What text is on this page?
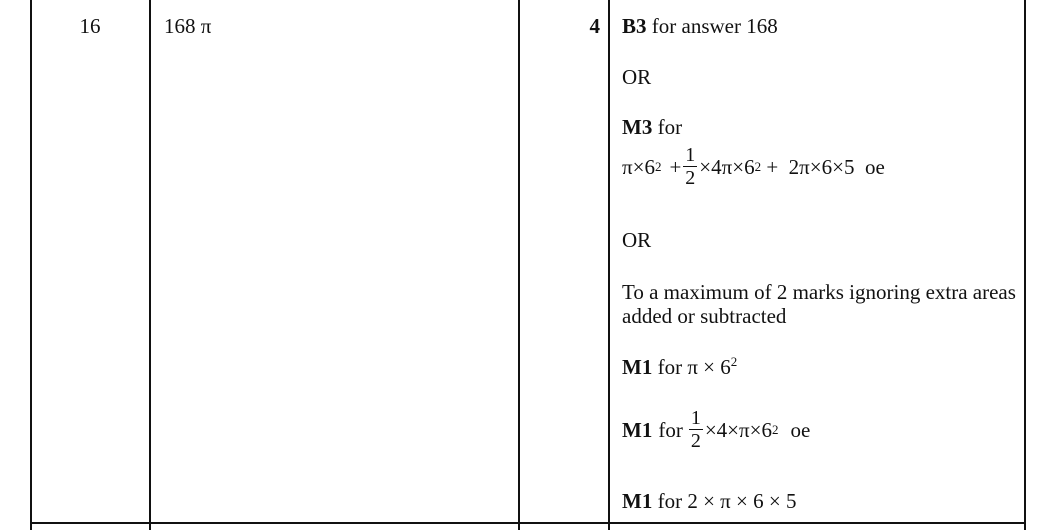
16	168 π	4 B3 for answer 168
OR
M3 for
π×6 $2 + \frac{1}{2} \times 4\pi\times 6$ 2 +  2π×6×5  oe
OR
To a maximum of 2 marks ignoring extra areas added or subtracted
M1 for $\pi \times 6^2$
M1 for $\frac{1}{2} \times 4\times\pi\times 6$ 2 oe
M1 for 2 × π × 6 × 5
